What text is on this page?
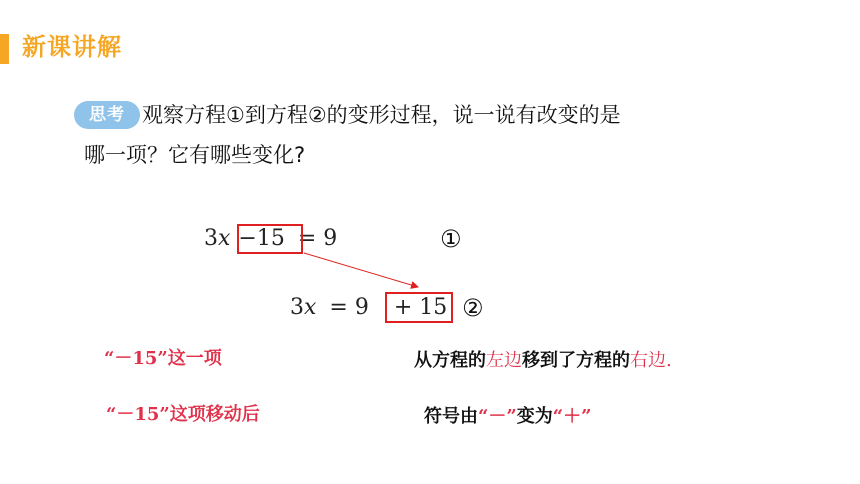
新课讲解
思考 观察方程①到方程②的变形过程，说一说有改变的是
哪一项？它有哪些变化?
3x −15 = 9	①
3x = 9 + 15 ②
“－15”这一项	从方程的左边移到了方程的右边.
“－15”这项移动后	符号由“－”变为“＋”
